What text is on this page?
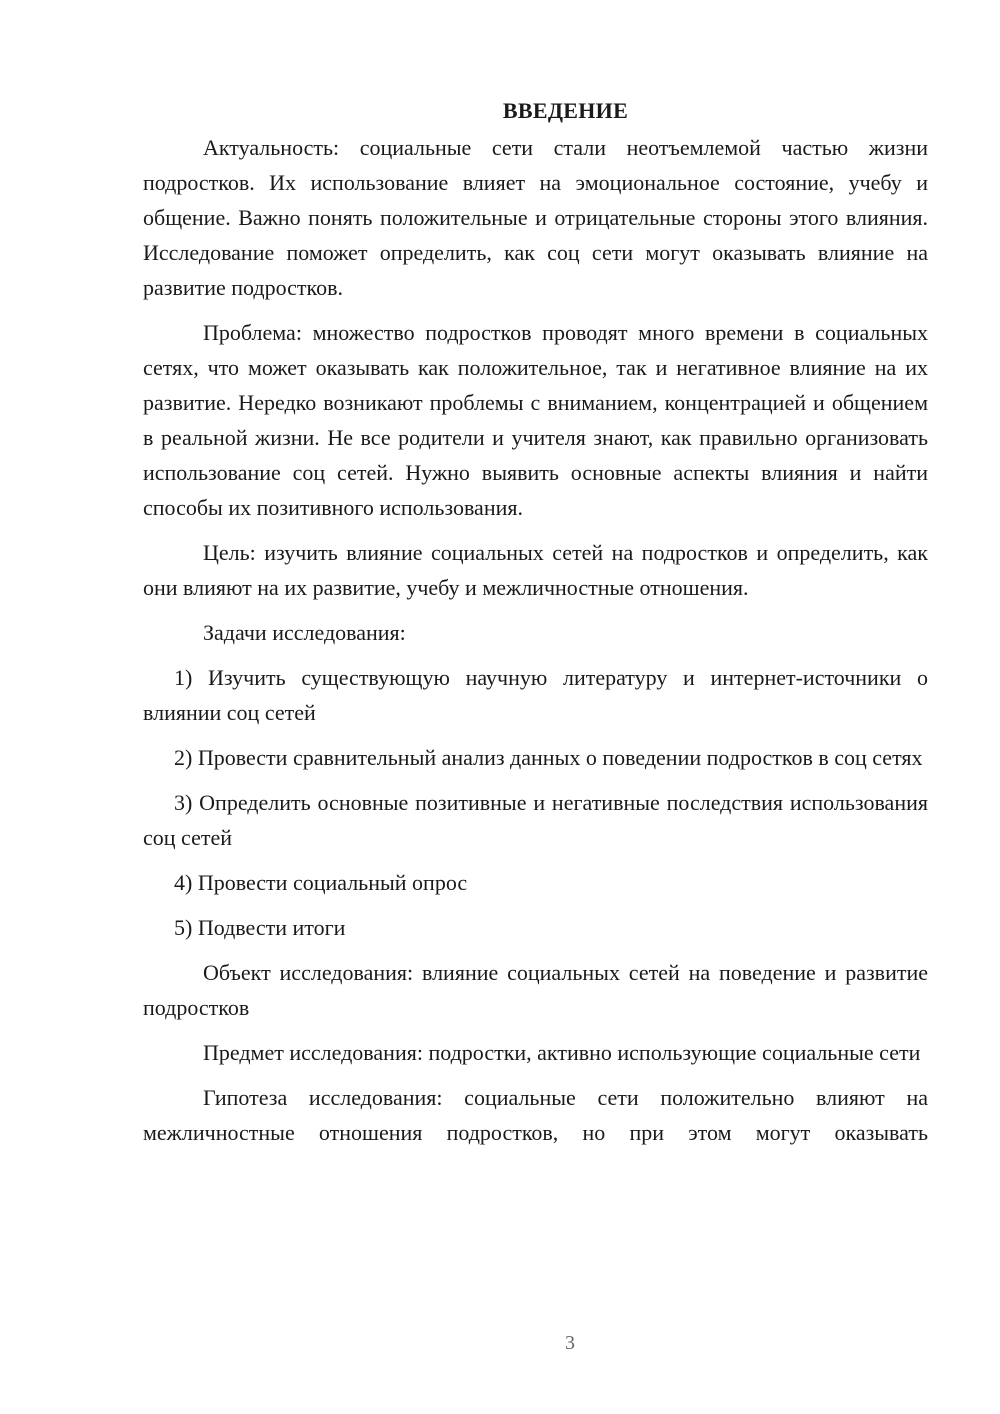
ВВЕДЕНИЕ

Актуальность: социальные сети стали неотъемлемой частью жизни подростков. Их использование влияет на эмоциональное состояние, учебу и общение. Важно понять положительные и отрицательные стороны этого влияния. Исследование поможет определить, как соц сети могут оказывать влияние на развитие подростков.

Проблема: множество подростков проводят много времени в социальных сетях, что может оказывать как положительное, так и негативное влияние на их развитие. Нередко возникают проблемы с вниманием, концентрацией и общением в реальной жизни. Не все родители и учителя знают, как правильно организовать использование соц сетей. Нужно выявить основные аспекты влияния и найти способы их позитивного использования.

Цель: изучить влияние социальных сетей на подростков и определить, как они влияют на их развитие, учебу и межличностные отношения.

Задачи исследования:

1) Изучить существующую научную литературу и интернет-источники о влиянии соц сетей

2) Провести сравнительный анализ данных о поведении подростков в соц сетях

3) Определить основные позитивные и негативные последствия использования соц сетей

4) Провести социальный опрос

5) Подвести итоги

Объект исследования: влияние социальных сетей на поведение и развитие подростков

Предмет исследования: подростки, активно использующие социальные сети

Гипотеза исследования: социальные сети положительно влияют на межличностные отношения подростков, но при этом могут оказывать

3
